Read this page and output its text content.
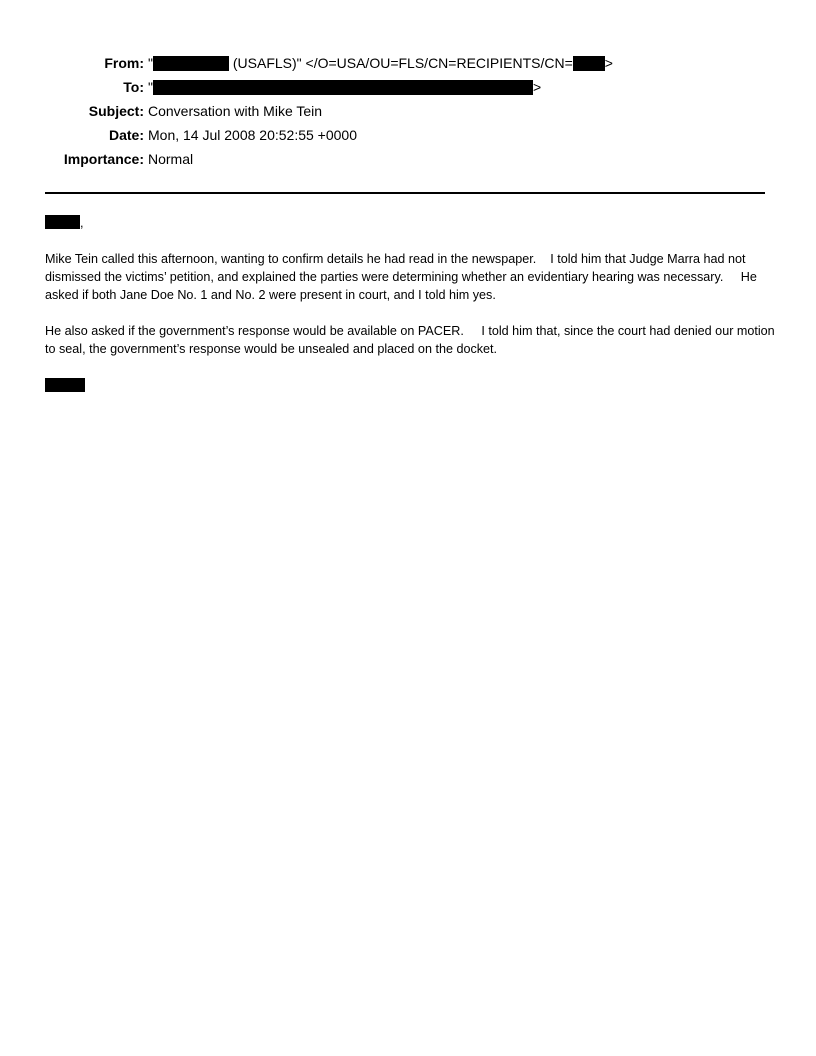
From: "	(USAFLS)" </O=USA/OU=FLS/CN=RECIPIENTS/CN= >
To: "	>
Subject: Conversation with Mike Tein
Date: Mon, 14 Jul 2008 20:52:55 +0000
Importance: Normal
,

Mike Tein called this afternoon, wanting to confirm details he had read in the newspaper.    I told him that Judge Marra had not dismissed the victims’ petition, and explained the parties were determining whether an evidentiary hearing was necessary.     He asked if both Jane Doe No. 1 and No. 2 were present in court, and I told him yes.

He also asked if the government’s response would be available on PACER.     I told him that, since the court had denied our motion to seal, the government’s response would be unsealed and placed on the docket.
